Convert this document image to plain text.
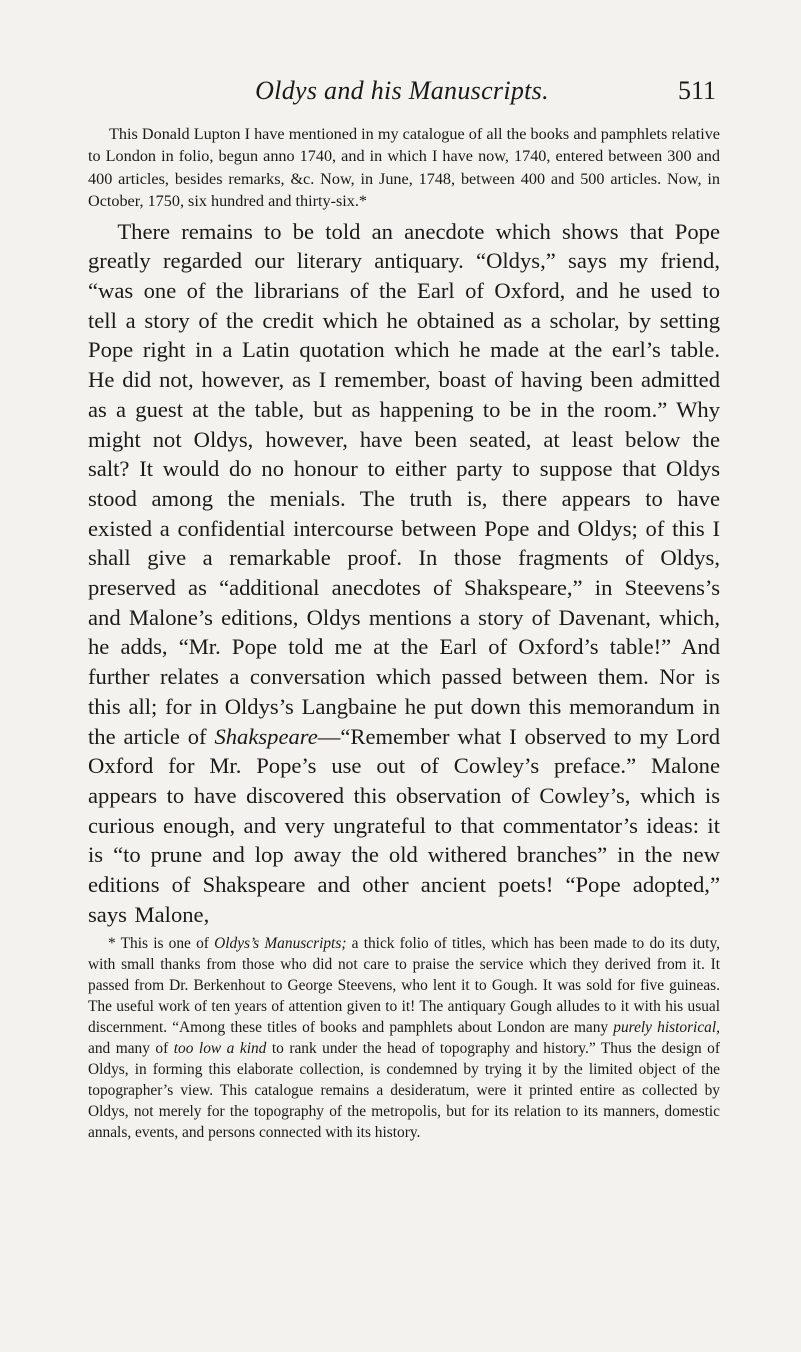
Oldys and his Manuscripts.	511

This Donald Lupton I have mentioned in my catalogue of all the books and pamphlets relative to London in folio, begun anno 1740, and in which I have now, 1740, entered between 300 and 400 articles, besides remarks, &c. Now, in June, 1748, between 400 and 500 articles. Now, in October, 1750, six hundred and thirty-six.*

There remains to be told an anecdote which shows that Pope greatly regarded our literary antiquary. “Oldys,” says my friend, “was one of the librarians of the Earl of Oxford, and he used to tell a story of the credit which he obtained as a scholar, by setting Pope right in a Latin quotation which he made at the earl’s table. He did not, however, as I remember, boast of having been admitted as a guest at the table, but as happening to be in the room.” Why might not Oldys, however, have been seated, at least below the salt? It would do no honour to either party to suppose that Oldys stood among the menials. The truth is, there appears to have existed a confidential intercourse between Pope and Oldys; of this I shall give a remarkable proof. In those fragments of Oldys, preserved as “additional anecdotes of Shakspeare,” in Steevens’s and Malone’s editions, Oldys mentions a story of Davenant, which, he adds, “Mr. Pope told me at the Earl of Oxford’s table!” And further relates a conversation which passed between them. Nor is this all; for in Oldys’s Langbaine he put down this memorandum in the article of Shakspeare—“Remember what I observed to my Lord Oxford for Mr. Pope’s use out of Cowley’s preface.” Malone appears to have discovered this observation of Cowley’s, which is curious enough, and very ungrateful to that commentator’s ideas: it is “to prune and lop away the old withered branches” in the new editions of Shakspeare and other ancient poets! “Pope adopted,” says Malone,

* This is one of Oldys’s Manuscripts; a thick folio of titles, which has been made to do its duty, with small thanks from those who did not care to praise the service which they derived from it. It passed from Dr. Berkenhout to George Steevens, who lent it to Gough. It was sold for five guineas. The useful work of ten years of attention given to it! The antiquary Gough alludes to it with his usual discernment. “Among these titles of books and pamphlets about London are many purely historical, and many of too low a kind to rank under the head of topography and history.” Thus the design of Oldys, in forming this elaborate collection, is condemned by trying it by the limited object of the topographer’s view. This catalogue remains a desideratum, were it printed entire as collected by Oldys, not merely for the topography of the metropolis, but for its relation to its manners, domestic annals, events, and persons connected with its history.
